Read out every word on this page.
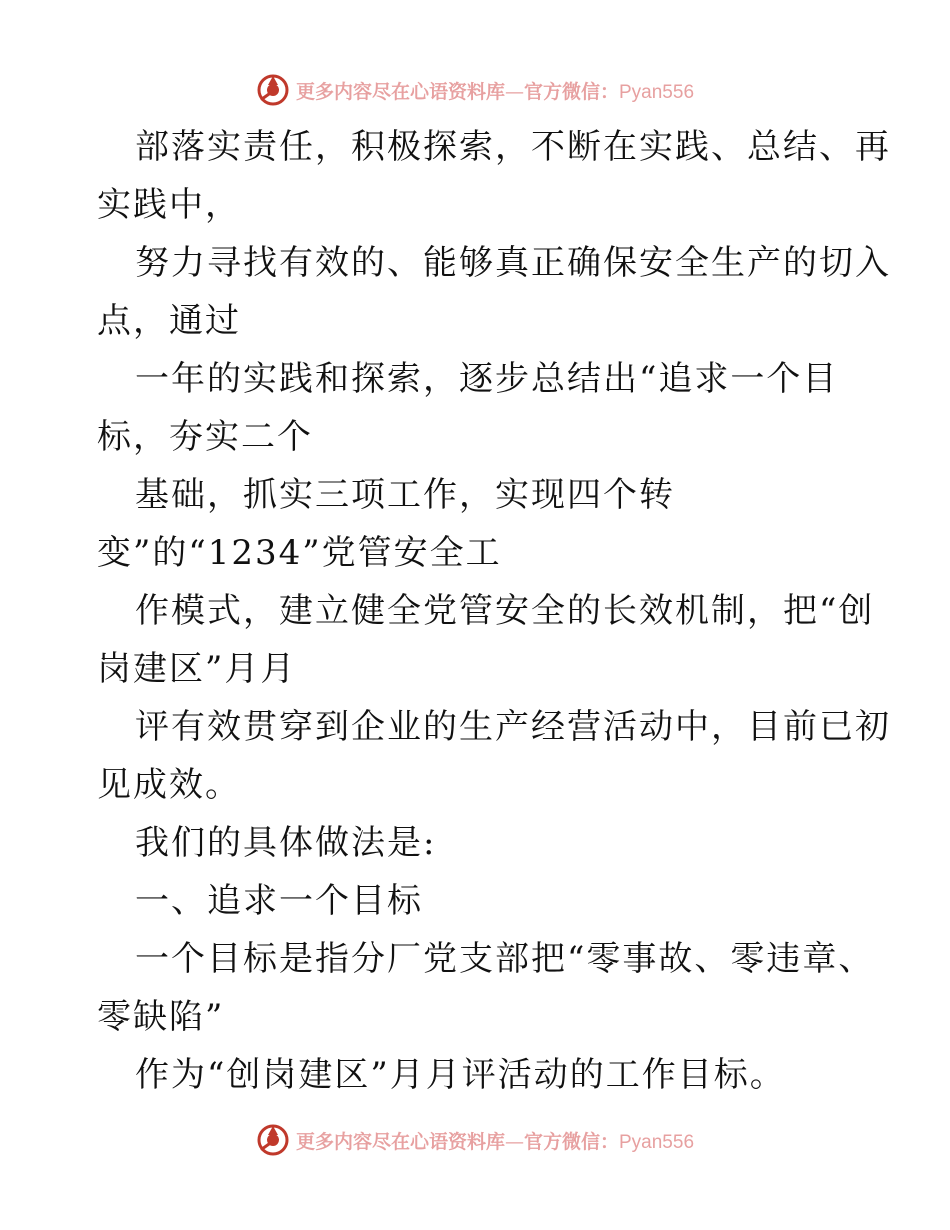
更多内容尽在心语资料库—官方微信：Pyan556
部落实责任，积极探索，不断在实践、总结、再
实践中，
努力寻找有效的、能够真正确保安全生产的切入
点，通过
一年的实践和探索，逐步总结出“追求一个目
标，夯实二个
基础，抓实三项工作，实现四个转
变”的“1234”党管安全工
作模式，建立健全党管安全的长效机制，把“创
岗建区”月月
评有效贯穿到企业的生产经营活动中，目前已初
见成效。
我们的具体做法是:
一、追求一个目标
一个目标是指分厂党支部把“零事故、零违章、
零缺陷”
作为“创岗建区”月月评活动的工作目标。
更多内容尽在心语资料库—官方微信：Pyan556
